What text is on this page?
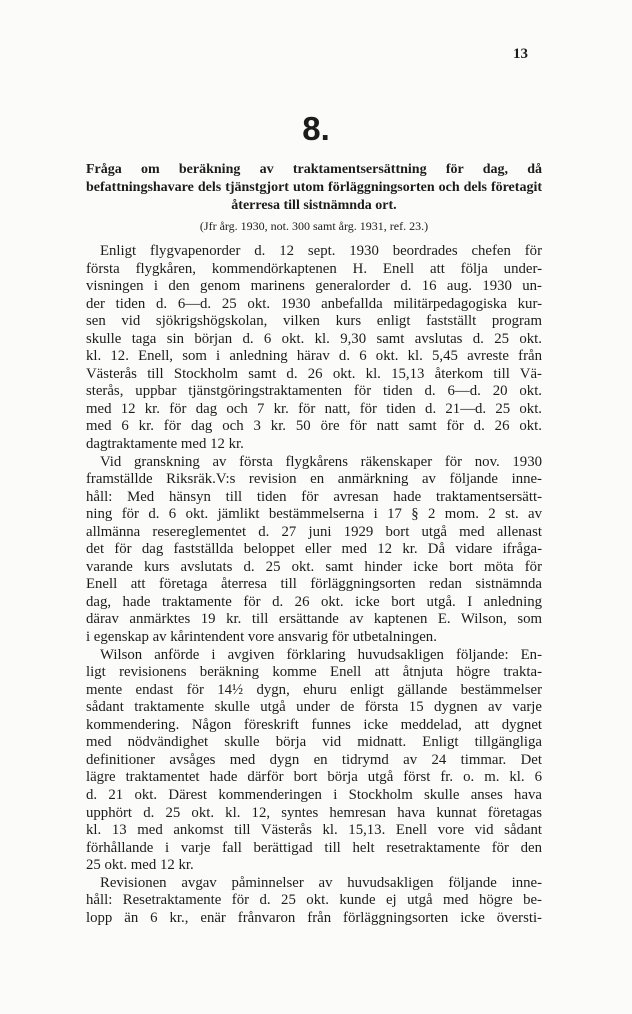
13
8.
Fråga om beräkning av traktamentsersättning för dag, då befattningshavare dels tjänstgjort utom förläggningsorten och dels företagit återresa till sistnämnda ort.
(Jfr årg. 1930, not. 300 samt årg. 1931, ref. 23.)
Enligt flygvapenorder d. 12 sept. 1930 beordrades chefen för
första flygkåren, kommendörkaptenen H. Enell att följa under-
visningen i den genom marinens generalorder d. 16 aug. 1930 un-
der tiden d. 6—d. 25 okt. 1930 anbefallda militärpedagogiska kur-
sen vid sjökrigshögskolan, vilken kurs enligt fastställt program
skulle taga sin början d. 6 okt. kl. 9,30 samt avslutas d. 25 okt.
kl. 12. Enell, som i anledning härav d. 6 okt. kl. 5,45 avreste från
Västerås till Stockholm samt d. 26 okt. kl. 15,13 återkom till Vä-
sterås, uppbar tjänstgöringstraktamenten för tiden d. 6—d. 20 okt.
med 12 kr. för dag och 7 kr. för natt, för tiden d. 21—d. 25 okt.
med 6 kr. för dag och 3 kr. 50 öre för natt samt för d. 26 okt.
dagtraktamente med 12 kr.
Vid granskning av första flygkårens räkenskaper för nov. 1930
framställde Riksräk.V:s revision en anmärkning av följande inne-
håll: Med hänsyn till tiden för avresan hade traktamentsersätt-
ning för d. 6 okt. jämlikt bestämmelserna i 17 § 2 mom. 2 st. av
allmänna resereglementet d. 27 juni 1929 bort utgå med allenast
det för dag fastställda beloppet eller med 12 kr. Då vidare ifråga-
varande kurs avslutats d. 25 okt. samt hinder icke bort möta för
Enell att företaga återresa till förläggningsorten redan sistnämnda
dag, hade traktamente för d. 26 okt. icke bort utgå. I anledning
därav anmärktes 19 kr. till ersättande av kaptenen E. Wilson, som
i egenskap av kårintendent vore ansvarig för utbetalningen.
Wilson anförde i avgiven förklaring huvudsakligen följande: En-
ligt revisionens beräkning komme Enell att åtnjuta högre trakta-
mente endast för 14½ dygn, ehuru enligt gällande bestämmelser
sådant traktamente skulle utgå under de första 15 dygnen av varje
kommendering. Någon föreskrift funnes icke meddelad, att dygnet
med nödvändighet skulle börja vid midnatt. Enligt tillgängliga
definitioner avsåges med dygn en tidrymd av 24 timmar. Det
lägre traktamentet hade därför bort börja utgå först fr. o. m. kl. 6
d. 21 okt. Därest kommenderingen i Stockholm skulle anses hava
upphört d. 25 okt. kl. 12, syntes hemresan hava kunnat företagas
kl. 13 med ankomst till Västerås kl. 15,13. Enell vore vid sådant
förhållande i varje fall berättigad till helt resetraktamente för den
25 okt. med 12 kr.
Revisionen avgav påminnelser av huvudsakligen följande inne-
håll: Resetraktamente för d. 25 okt. kunde ej utgå med högre be-
lopp än 6 kr., enär frånvaron från förläggningsorten icke översti-
